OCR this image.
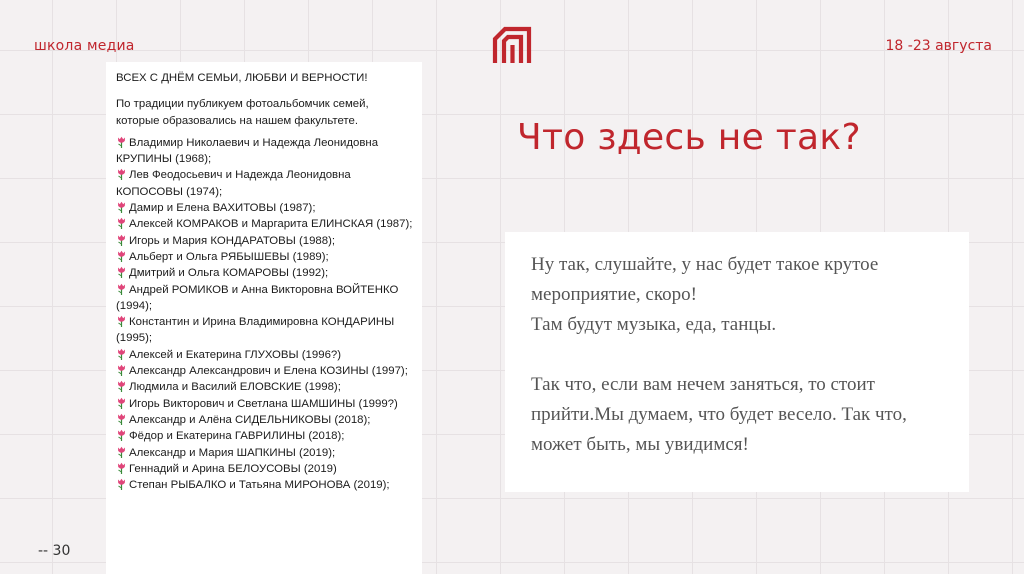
школа медиа	18 -23 августа

ВСЕХ С ДНЁМ СЕМЬИ, ЛЮБВИ И ВЕРНОСТИ!

По традиции публикуем фотоальбомчик семей, которые образовались на нашем факультете.

Владимир Николаевич и Надежда Леонидовна КРУПИНЫ (1968);
Лев Феодосьевич и Надежда Леонидовна КОПОСОВЫ (1974);
Дамир и Елена ВАХИТОВЫ (1987);
Алексей КОМРАКОВ и Маргарита ЕЛИНСКАЯ (1987);
Игорь и Мария КОНДАРАТОВЫ (1988);
Альберт и Ольга РЯБЫШЕВЫ (1989);
Дмитрий и Ольга КОМАРОВЫ (1992);
Андрей РОМИКОВ и Анна Викторовна ВОЙТЕНКО (1994);
Константин и Ирина Владимировна КОНДАРИНЫ (1995);
Алексей и Екатерина ГЛУХОВЫ (1996?)
Александр Александрович и Елена КОЗИНЫ (1997);
Людмила и Василий ЕЛОВСКИЕ (1998);
Игорь Викторович и Светлана ШАМШИНЫ (1999?)
Александр и Алёна СИДЕЛЬНИКОВЫ (2018);
Фёдор и Екатерина ГАВРИЛИНЫ (2018);
Александр и Мария ШАПКИНЫ (2019);
Геннадий и Арина БЕЛОУСОВЫ (2019)
Степан РЫБАЛКО и Татьяна МИРОНОВА (2019);
Что здесь не так?

Ну так, слушайте, у нас будет такое крутое

мероприятие, скоро!

Там будут музыка, еда, танцы.

Так что, если вам нечем заняться, то стоит

прийти.Мы думаем, что будет весело. Так что,

может быть, мы увидимся!

-- 30
